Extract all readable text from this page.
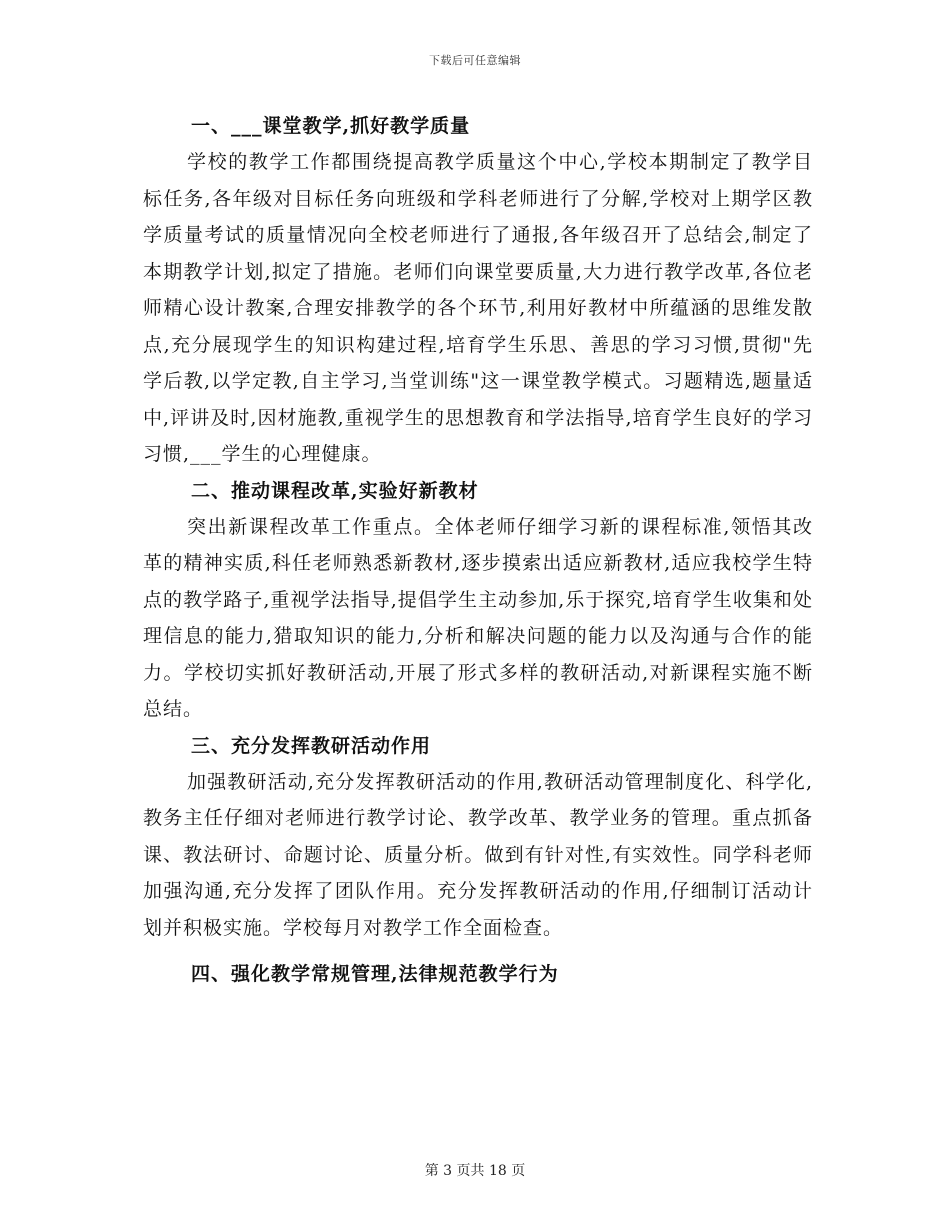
下载后可任意编辑

一、___课堂教学,抓好教学质量

学校的教学工作都围绕提高教学质量这个中心,学校本期制定了教学目标任务,各年级对目标任务向班级和学科老师进行了分解,学校对上期学区教学质量考试的质量情况向全校老师进行了通报,各年级召开了总结会,制定了本期教学计划,拟定了措施。老师们向课堂要质量,大力进行教学改革,各位老师精心设计教案,合理安排教学的各个环节,利用好教材中所蕴涵的思维发散点,充分展现学生的知识构建过程,培育学生乐思、善思的学习习惯,贯彻"先学后教,以学定教,自主学习,当堂训练"这一课堂教学模式。习题精选,题量适中,评讲及时,因材施教,重视学生的思想教育和学法指导,培育学生良好的学习习惯,___学生的心理健康。

二、推动课程改革,实验好新教材

突出新课程改革工作重点。全体老师仔细学习新的课程标准,领悟其改革的精神实质,科任老师熟悉新教材,逐步摸索出适应新教材,适应我校学生特点的教学路子,重视学法指导,提倡学生主动参加,乐于探究,培育学生收集和处理信息的能力,猎取知识的能力,分析和解决问题的能力以及沟通与合作的能力。学校切实抓好教研活动,开展了形式多样的教研活动,对新课程实施不断总结。

三、充分发挥教研活动作用

加强教研活动,充分发挥教研活动的作用,教研活动管理制度化、科学化,教务主任仔细对老师进行教学讨论、教学改革、教学业务的管理。重点抓备课、教法研讨、命题讨论、质量分析。做到有针对性,有实效性。同学科老师加强沟通,充分发挥了团队作用。充分发挥教研活动的作用,仔细制订活动计划并积极实施。学校每月对教学工作全面检查。

四、强化教学常规管理,法律规范教学行为

第 3 页共 18 页
